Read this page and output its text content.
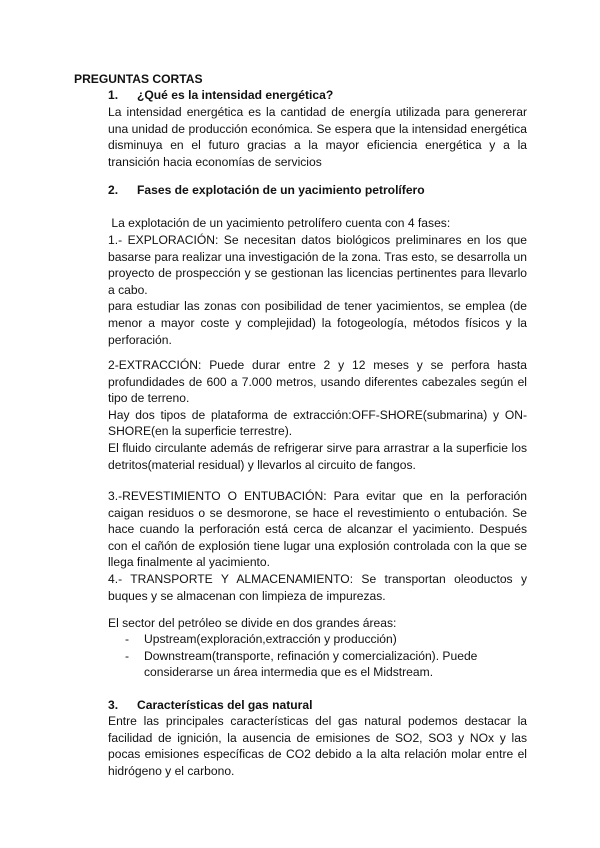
PREGUNTAS CORTAS
1. ¿Qué es la intensidad energética?

La intensidad energética es la cantidad de energía utilizada para genererar una unidad de producción económica. Se espera que la intensidad energética disminuya en el futuro gracias a la mayor eficiencia energética y a la transición hacia economías de servicios

2. Fases de explotación de un yacimiento petrolífero
La explotación de un yacimiento petrolífero cuenta con 4 fases:

1.- EXPLORACIÓN: Se necesitan datos biológicos preliminares en los que basarse para realizar una investigación de la zona. Tras esto, se desarrolla un proyecto de prospección y se gestionan las licencias pertinentes para llevarlo a cabo.

para estudiar las zonas con posibilidad de tener yacimientos, se emplea (de menor a mayor coste y complejidad) la fotogeología, métodos físicos y la perforación.

2-EXTRACCIÓN: Puede durar entre 2 y 12 meses y se perfora hasta profundidades de 600 a 7.000 metros, usando diferentes cabezales según el tipo de terreno.

Hay dos tipos de plataforma de extracción:OFF-SHORE(submarina) y ON-SHORE(en la superficie terrestre).

El fluido circulante además de refrigerar sirve para arrastrar a la superficie los detritos(material residual) y llevarlos al circuito de fangos.

3.-REVESTIMIENTO O ENTUBACIÓN: Para evitar que en la perforación caigan residuos o se desmorone, se hace el revestimiento o entubación. Se hace cuando la perforación está cerca de alcanzar el yacimiento. Después con el cañón de explosión tiene lugar una explosión controlada con la que se llega finalmente al yacimiento.

4.- TRANSPORTE Y ALMACENAMIENTO: Se transportan oleoductos y buques y se almacenan con limpieza de impurezas.

El sector del petróleo se divide en dos grandes áreas:
- Upstream(exploración,extracción y producción)
- Downstream(transporte, refinación y comercialización). Puede considerarse un área intermedia que es el Midstream.
3. Características del gas natural

Entre las principales características del gas natural podemos destacar la facilidad de ignición, la ausencia de emisiones de SO2, SO3 y NOx y las pocas emisiones específicas de CO2 debido a la alta relación molar entre el hidrógeno y el carbono.
